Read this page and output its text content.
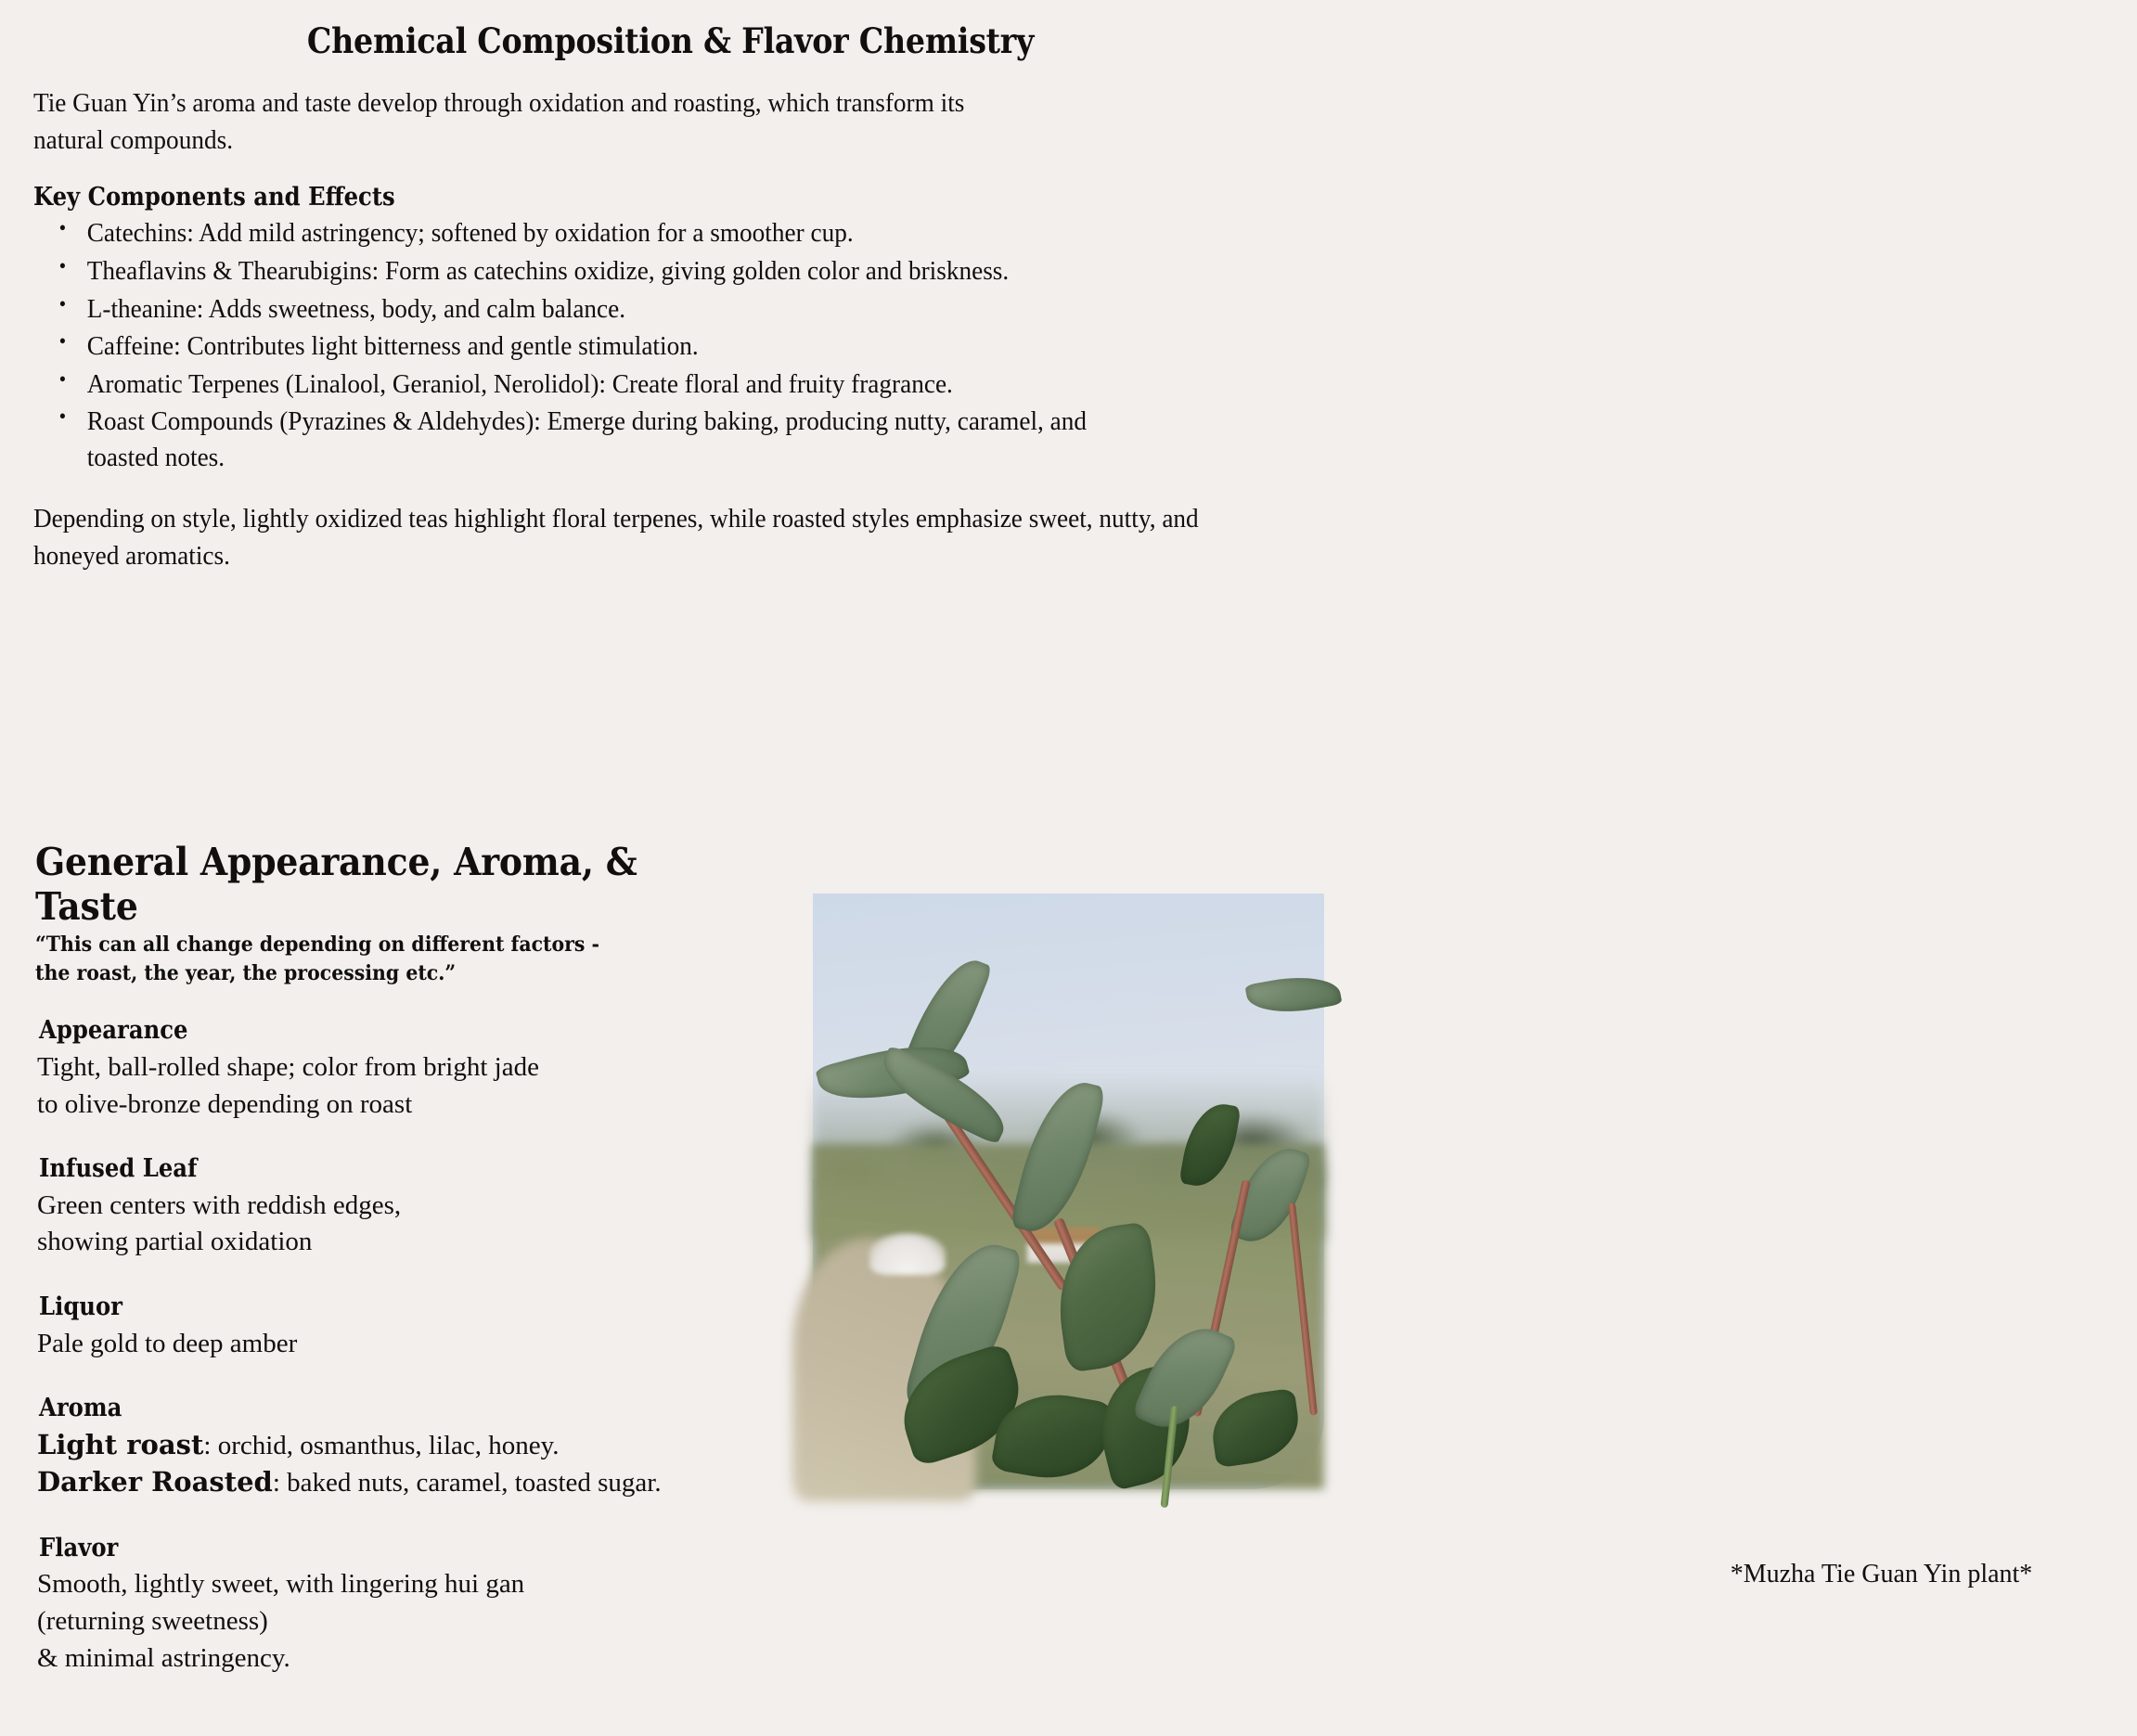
Chemical Composition & Flavor Chemistry

Tie Guan Yin’s aroma and taste develop through oxidation and roasting, which transform its natural compounds.

Key Components and Effects

• Catechins: Add mild astringency; softened by oxidation for a smoother cup.
• Theaflavins & Thearubigins: Form as catechins oxidize, giving golden color and briskness.
• L-theanine: Adds sweetness, body, and calm balance.
• Caffeine: Contributes light bitterness and gentle stimulation.
• Aromatic Terpenes (Linalool, Geraniol, Nerolidol): Create floral and fruity fragrance.
• Roast Compounds (Pyrazines & Aldehydes): Emerge during baking, producing nutty, caramel, and toasted notes.

Depending on style, lightly oxidized teas highlight floral terpenes, while roasted styles emphasize sweet, nutty, and honeyed aromatics.

General Appearance, Aroma, & Taste
“This can all change depending on different factors -
the roast, the year, the processing etc.”
Appearance
Tight, ball-rolled shape; color from bright jade
to olive-bronze depending on roast
Infused Leaf
Green centers with reddish edges,
showing partial oxidation
Liquor
Pale gold to deep amber
Aroma
Light roast: orchid, osmanthus, lilac, honey.
Darker Roasted: baked nuts, caramel, toasted sugar.
Flavor
Smooth, lightly sweet, with lingering hui gan
(returning sweetness)
& minimal astringency.
*Muzha Tie Guan Yin plant*
